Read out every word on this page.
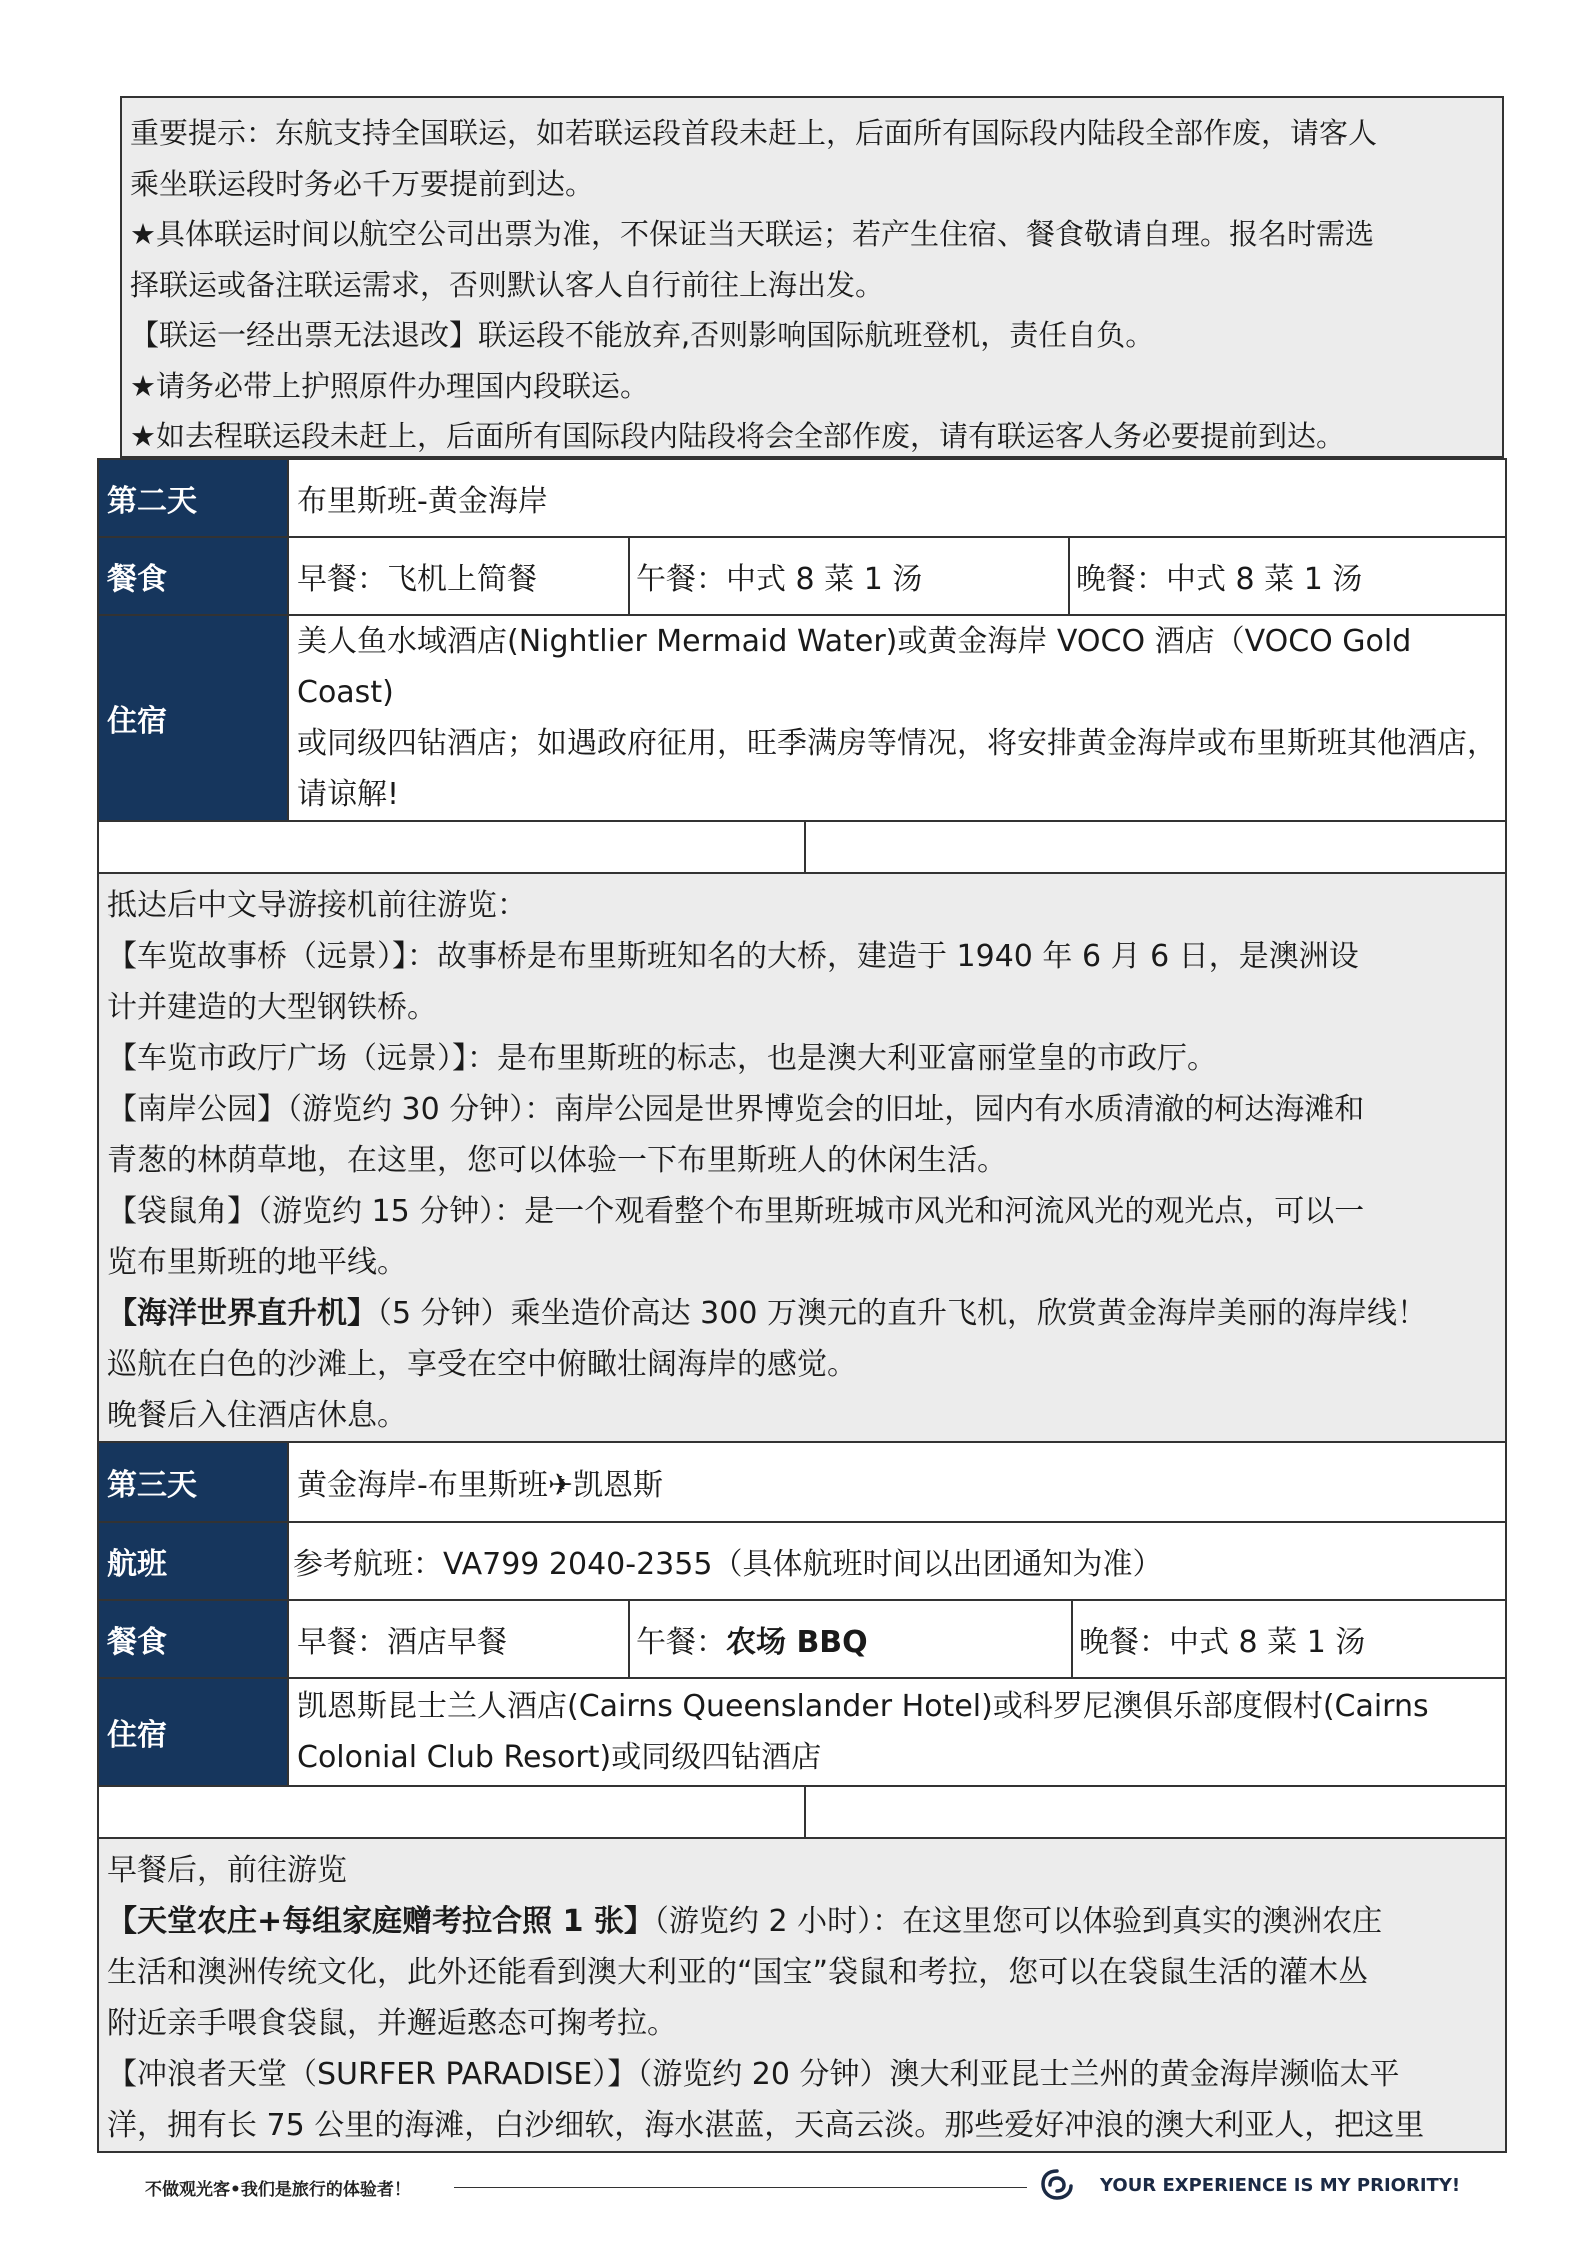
重要提示：东航支持全国联运，如若联运段首段未赶上，后面所有国际段内陆段全部作废，请客人

乘坐联运段时务必千万要提前到达。

★具体联运时间以航空公司出票为准，不保证当天联运；若产生住宿、餐食敬请自理。报名时需选

择联运或备注联运需求，否则默认客人自行前往上海出发。

【联运一经出票无法退改】联运段不能放弃,否则影响国际航班登机，责任自负。

★请务必带上护照原件办理国内段联运。

★如去程联运段未赶上，后面所有国际段内陆段将会全部作废，请有联运客人务必要提前到达。

第二天	布里斯班-黄金海岸
餐食		早餐：飞机上简餐	午餐：中式 8 菜 1 汤	晚餐：中式 8 菜 1 汤

住宿	
美人鱼水域酒店(Nightlier Mermaid Water)或黄金海岸 VOCO 酒店（VOCO Gold Coast)
或同级四钻酒店；如遇政府征用，旺季满房等情况，将安排黄金海岸或布里斯班其他酒店，
请谅解!

抵达后中文导游接机前往游览：

【车览故事桥（远景）】：故事桥是布里斯班知名的大桥，建造于 1940 年 6 月 6 日，是澳洲设

计并建造的大型钢铁桥。

【车览市政厅广场（远景）】：是布里斯班的标志，也是澳大利亚富丽堂皇的市政厅。

【南岸公园】（游览约 30 分钟）：南岸公园是世界博览会的旧址，园内有水质清澈的柯达海滩和

青葱的林荫草地，在这里，您可以体验一下布里斯班人的休闲生活。

【袋鼠角】（游览约 15 分钟）：是一个观看整个布里斯班城市风光和河流风光的观光点，可以一

览布里斯班的地平线。

【海洋世界直升机】（5 分钟）乘坐造价高达 300 万澳元的直升飞机，欣赏黄金海岸美丽的海岸线！

巡航在白色的沙滩上，享受在空中俯瞰壮阔海岸的感觉。

晚餐后入住酒店休息。

第三天	黄金海岸-布里斯班✈凯恩斯
航班	参考航班：VA799 2040-2355（具体航班时间以出团通知为准）
餐食		早餐：酒店早餐	午餐：农场 BBQ	晚餐：中式 8 菜 1 汤

住宿	
凯恩斯昆士兰人酒店(Cairns Queenslander Hotel)或科罗尼澳俱乐部度假村(Cairns
Colonial Club Resort)或同级四钻酒店

早餐后，前往游览

【天堂农庄+每组家庭赠考拉合照 1 张】（游览约 2 小时）：在这里您可以体验到真实的澳洲农庄

生活和澳洲传统文化，此外还能看到澳大利亚的“国宝”袋鼠和考拉，您可以在袋鼠生活的灌木丛

附近亲手喂食袋鼠，并邂逅憨态可掬考拉。

【冲浪者天堂（SURFER PARADISE）】（游览约 20 分钟）澳大利亚昆士兰州的黄金海岸濒临太平

洋，拥有长 75 公里的海滩，白沙细软，海水湛蓝，天高云淡。那些爱好冲浪的澳大利亚人，把这里

不做观光客•我们是旅行的体验者！	YOUR EXPERIENCE IS MY PRIORITY!
